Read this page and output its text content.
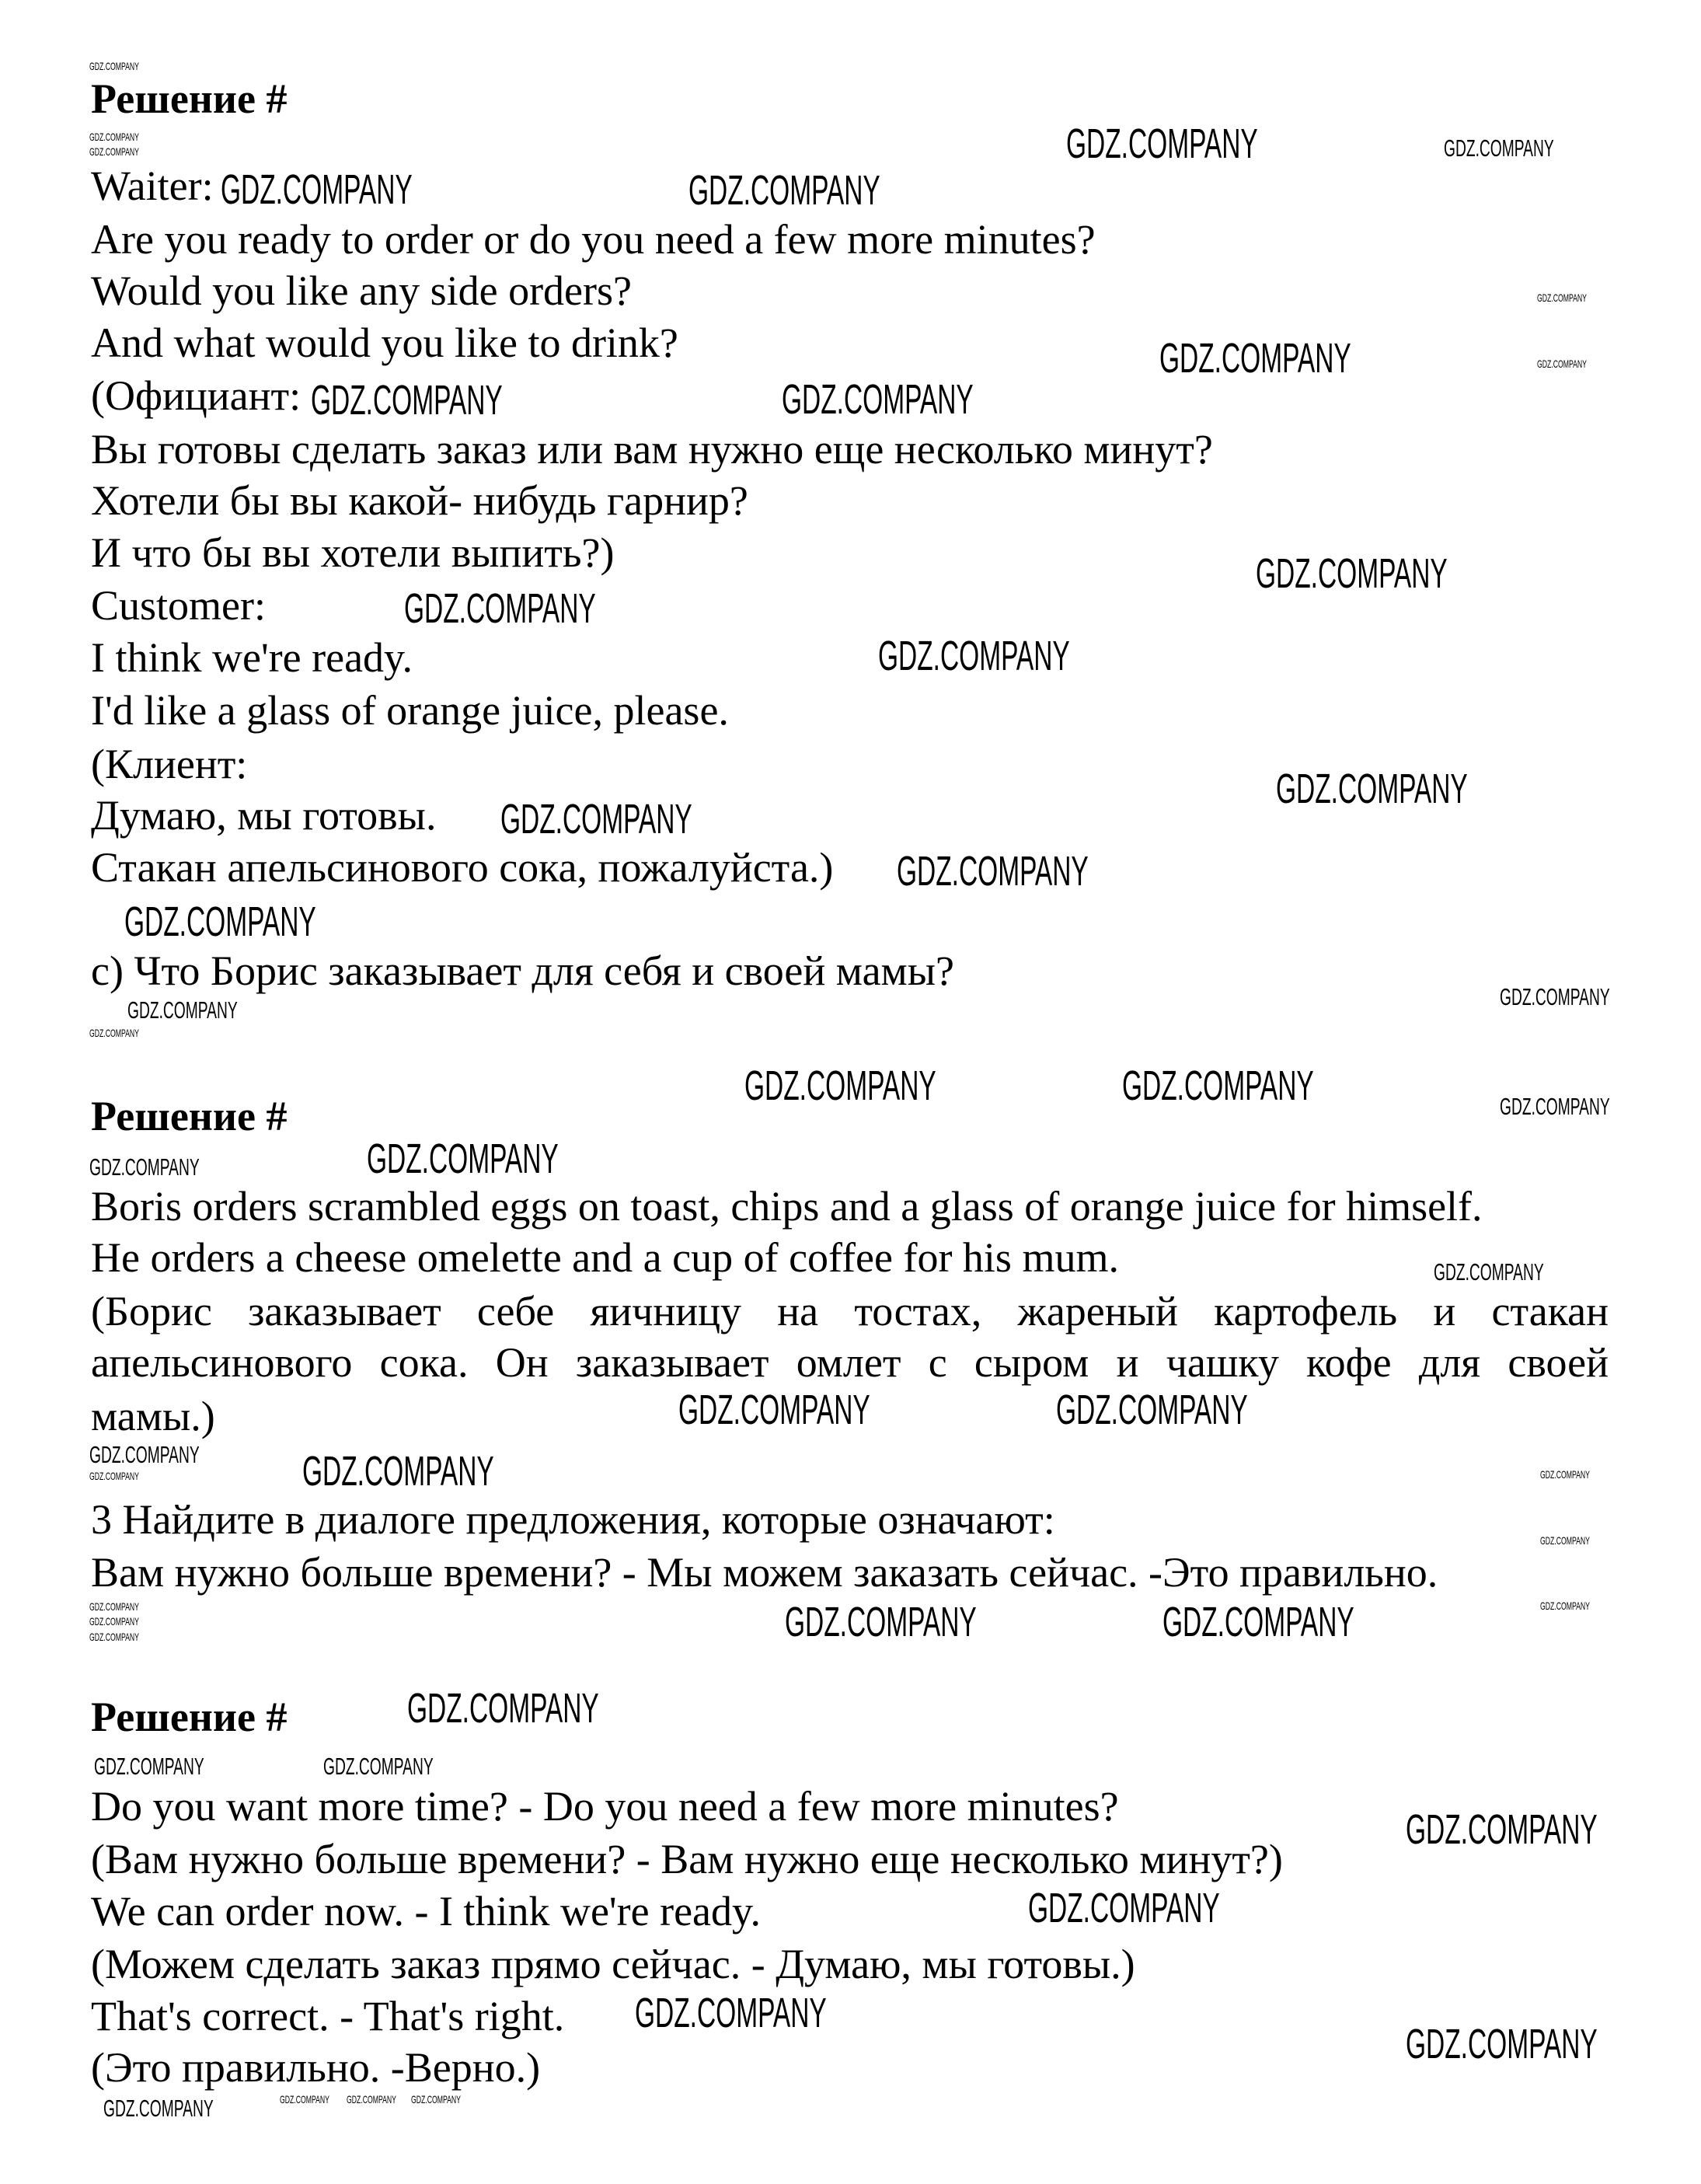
Решение #
Waiter:
Are you ready to order or do you need a few more minutes?
Would you like any side orders?
And what would you like to drink?
(Официант:
Вы готовы сделать заказ или вам нужно еще несколько минут?
Хотели бы вы какой- нибудь гарнир?
И что бы вы хотели выпить?)
Customer:
I think we're ready.
I'd like a glass of orange juice, please.
(Клиент:
Думаю, мы готовы.
Стакан апельсинового сока, пожалуйста.)
c) Что Борис заказывает для себя и своей мамы?
Решение #
Boris orders scrambled eggs on toast, chips and a glass of orange juice for himself.
He orders a cheese omelette and a cup of coffee for his mum.
(Борис заказывает себе яичницу на тостах, жареный картофель и стакан
апельсинового сока. Он заказывает омлет с сыром и чашку кофе для своей
мамы.)
3 Найдите в диалоге предложения, которые означают:
Вам нужно больше времени? - Мы можем заказать сейчас. -Это правильно.
Решение #
Do you want more time? - Do you need a few more minutes?
(Вам нужно больше времени? - Вам нужно еще несколько минут?)
We can order now. - I think we're ready.
(Можем сделать заказ прямо сейчас. - Думаю, мы готовы.)
That's correct. - That's right.
(Это правильно. -Верно.)
GDZ.COMPANY
GDZ.COMPANY	GDZ.COMPANY
GDZ.COMPANY
GDZ.COMPANY	GDZ.COMPANY
GDZ.COMPANY
GDZ.COMPANY
GDZ.COMPANY
GDZ.COMPANY
GDZ.COMPANY
GDZ.COMPANY
GDZ.COMPANY
GDZ.COMPANY	GDZ.COMPANY
GDZ.COMPANY
GDZ.COMPANY	GDZ.COMPANY
GDZ.COMPANY
GDZ.COMPANY	GDZ.COMPANY
GDZ.COMPANY
GDZ.COMPANY
GDZ.COMPANY
GDZ.COMPANY
GDZ.COMPANY
GDZ.COMPANY
GDZ.COMPANY
GDZ.COMPANY
GDZ.COMPANY
GDZ.COMPANY
GDZ.COMPANY
GDZ.COMPANY
GDZ.COMPANY
GDZ.COMPANY
GDZ.COMPANY
GDZ.COMPANY
GDZ.COMPANY
GDZ.COMPANY
GDZ.COMPANY
GDZ.COMPANY
GDZ.COMPANY
GDZ.COMPANY
GDZ.COMPANY
GDZ.COMPANY
GDZ.COMPANY
GDZ.COMPANY
GDZ.COMPANY
GDZ.COMPANY
GDZ.COMPANY GDZ.COMPANY GDZ.COMPANY
